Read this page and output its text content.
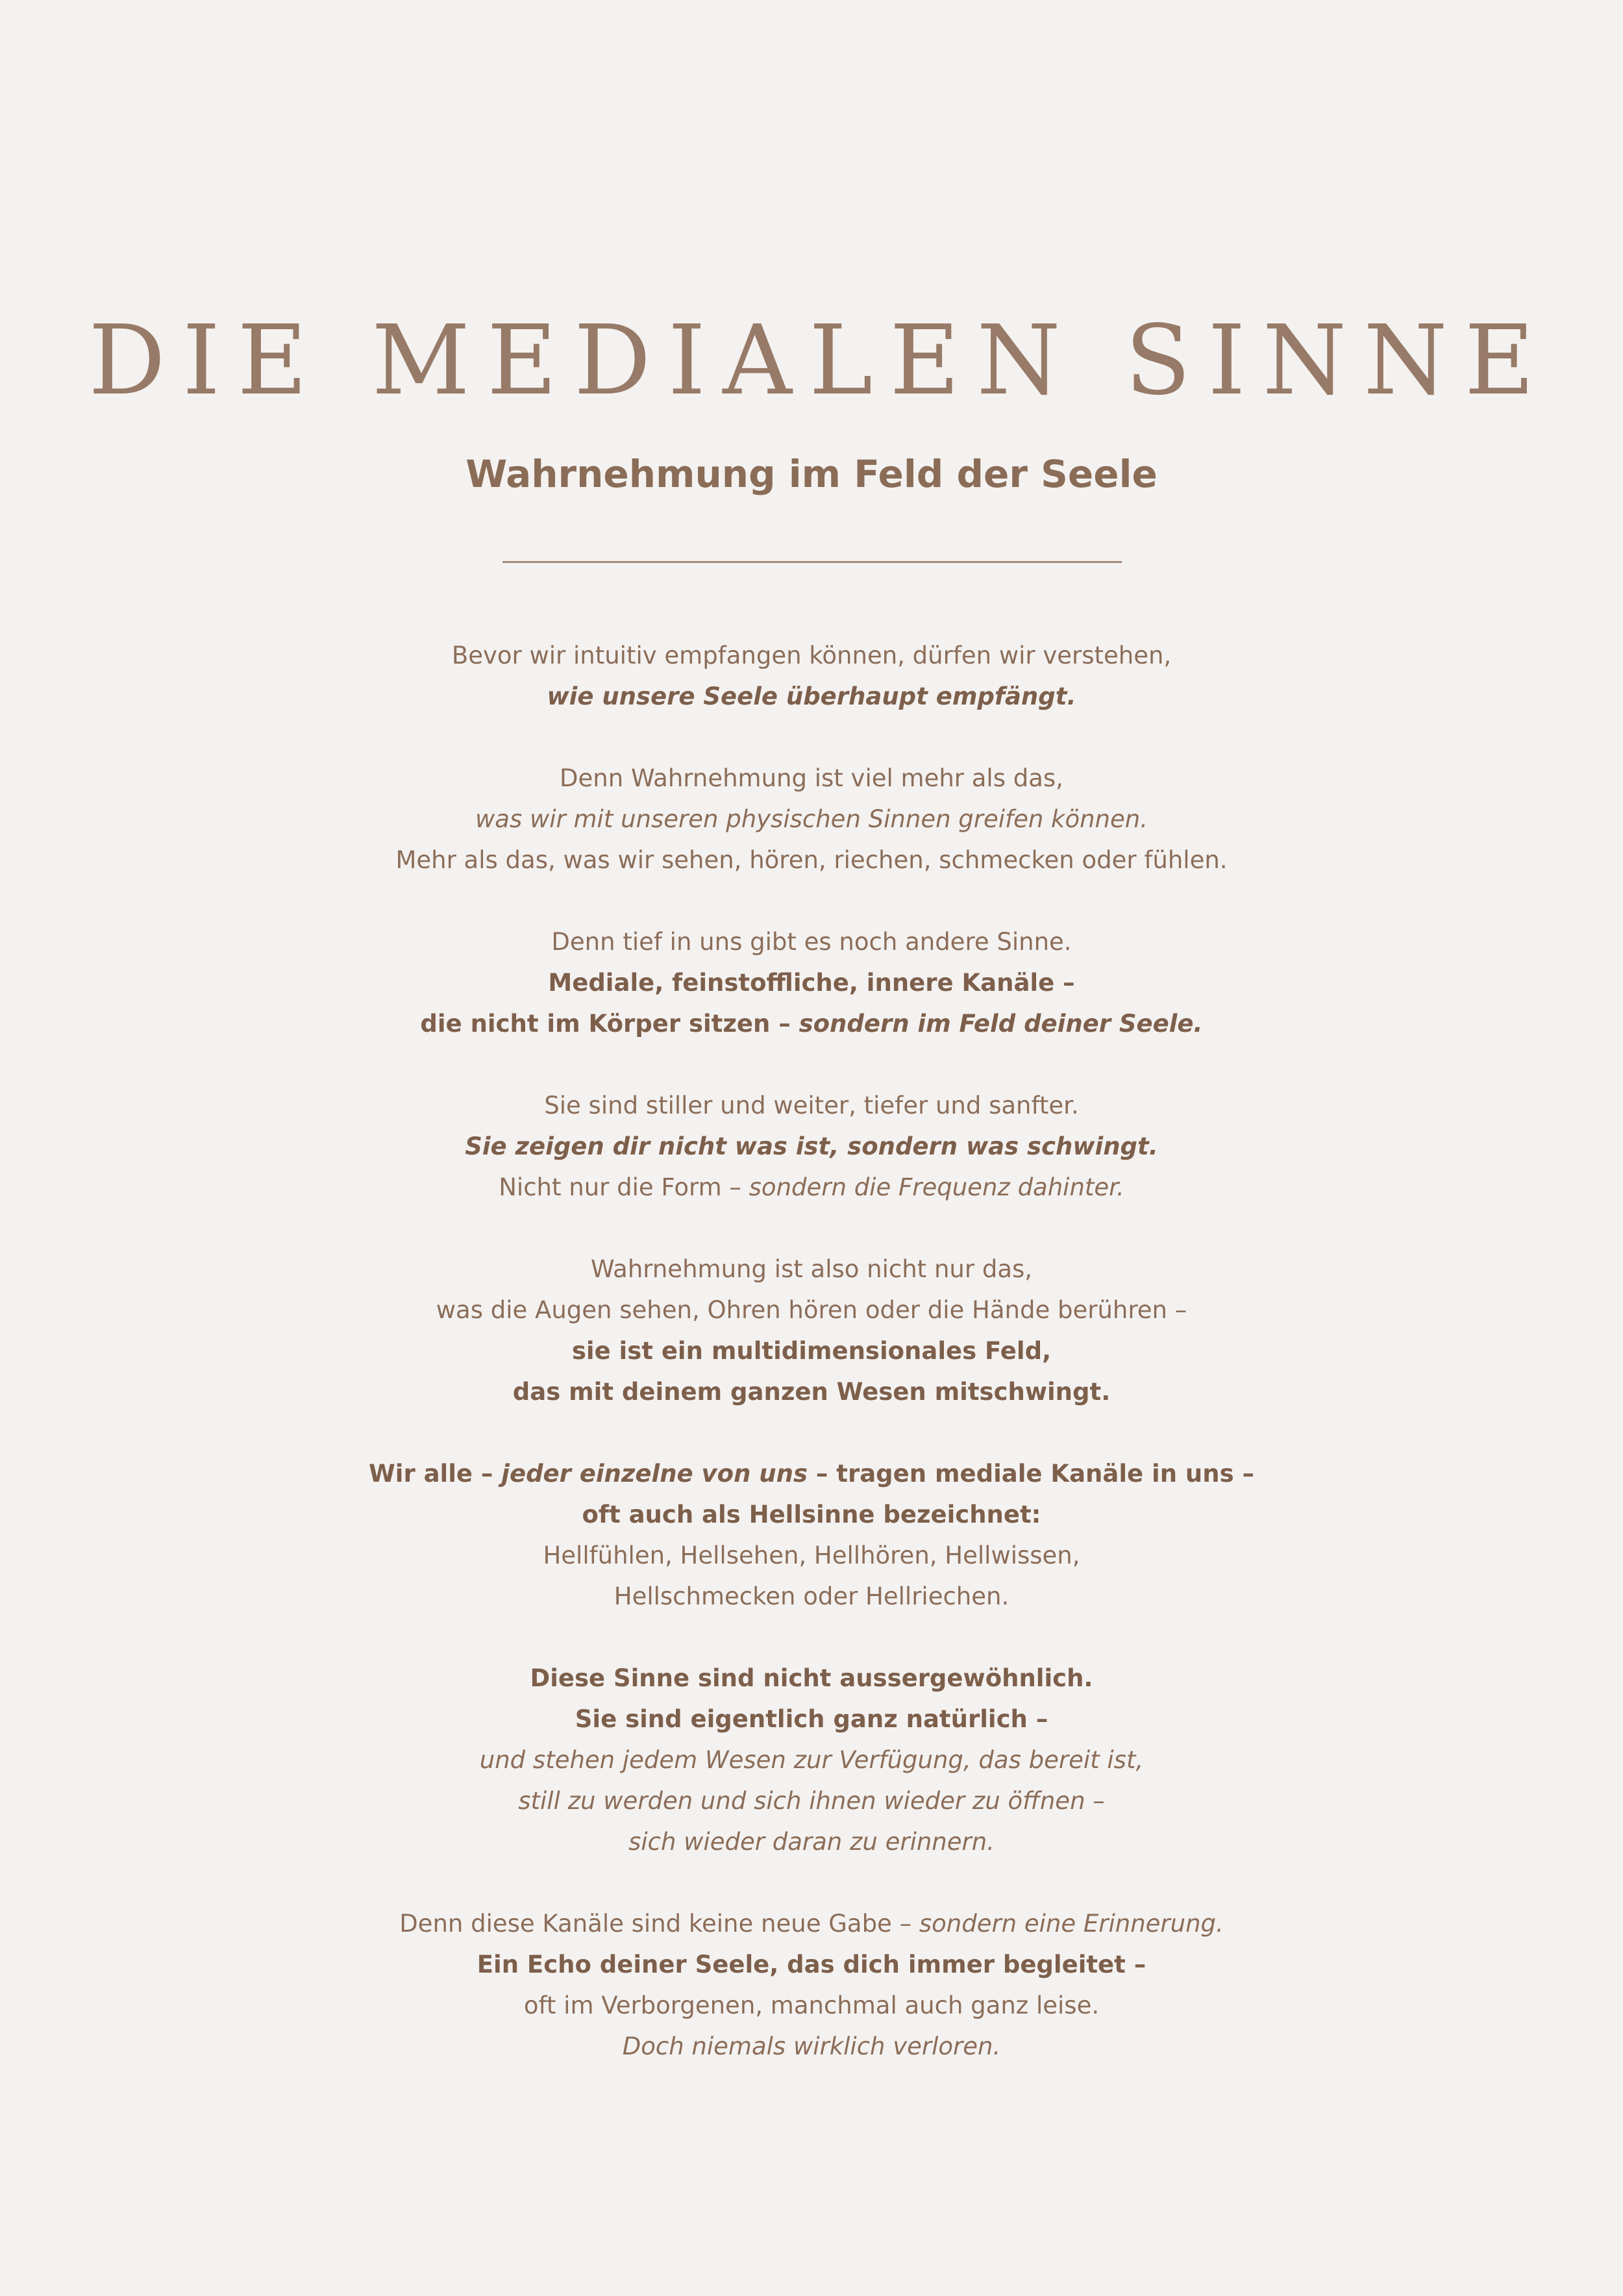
DIE MEDIALEN SINNE
Wahrnehmung im Feld der Seele
Bevor wir intuitiv empfangen können, dürfen wir verstehen,
wie unsere Seele überhaupt empfängt.
Denn Wahrnehmung ist viel mehr als das,
was wir mit unseren physischen Sinnen greifen können.
Mehr als das, was wir sehen, hören, riechen, schmecken oder fühlen.
Denn tief in uns gibt es noch andere Sinne.
Mediale, feinstoffliche, innere Kanäle –
die nicht im Körper sitzen – sondern im Feld deiner Seele.
Sie sind stiller und weiter, tiefer und sanfter.
Sie zeigen dir nicht was ist, sondern was schwingt.
Nicht nur die Form – sondern die Frequenz dahinter.
Wahrnehmung ist also nicht nur das,
was die Augen sehen, Ohren hören oder die Hände berühren –
sie ist ein multidimensionales Feld,
das mit deinem ganzen Wesen mitschwingt.
Wir alle – jeder einzelne von uns – tragen mediale Kanäle in uns –
oft auch als Hellsinne bezeichnet:
Hellfühlen, Hellsehen, Hellhören, Hellwissen,
Hellschmecken oder Hellriechen.
Diese Sinne sind nicht aussergewöhnlich.
Sie sind eigentlich ganz natürlich –
und stehen jedem Wesen zur Verfügung, das bereit ist,
still zu werden und sich ihnen wieder zu öffnen –
sich wieder daran zu erinnern.
Denn diese Kanäle sind keine neue Gabe – sondern eine Erinnerung.
Ein Echo deiner Seele, das dich immer begleitet –
oft im Verborgenen, manchmal auch ganz leise.
Doch niemals wirklich verloren.
